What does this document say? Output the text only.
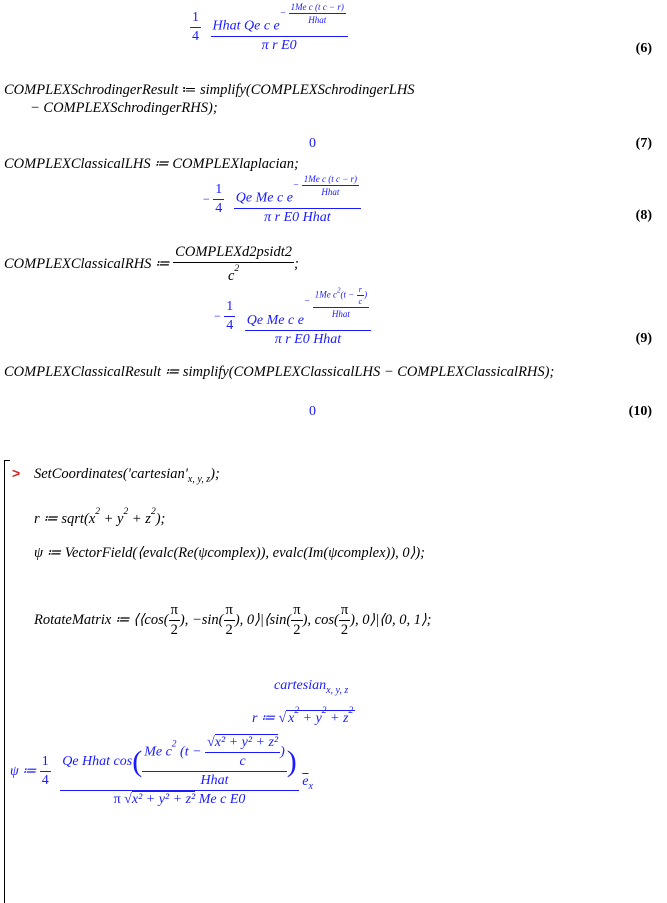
$\frac{1}{4}$
Hhat Qe c $e^{- \frac{\text{1Me c (t c − r)}}{\text{Hhat}}}$
π r E0	(6)
COMPLEXSchrodingerResult ≔ simplify(COMPLEXSchrodingerLHS
− COMPLEXSchrodingerRHS);
0	(7)
COMPLEXClassicalLHS ≔ COMPLEXlaplacian;
− $\frac{1}{4}$
Qe Me c $e^{- \frac{\text{1Me c (t c − r)}}{\text{Hhat}}}$
π r E0 Hhat	(8)
COMPLEXClassicalRHS ≔ $\frac{\text{COMPLEXd2psidt2}}{c^2}$ ;
− $\frac{1}{4}$
Qe Me c $e^{- \frac{1Me c^2(t - \frac{r}{c} )}{\text{Hhat}}}$
π r E0 Hhat	(9)
COMPLEXClassicalResult ≔ simplify(COMPLEXClassicalLHS − COMPLEXClassicalRHS);
0	(10)
> $SetCoordinates('cartesian'_{x, y, z})$;
r ≔ $sqrt(x^2 + y^2 + z^2)$;
ψ ≔ VectorField(⟨evalc(Re(ψcomplex)), evalc(Im(ψcomplex)), 0⟩);
RotateMatrix ≔ ⟨⟨cos( $\frac{\pi}{2}$ ), $-\sin( \frac{\pi}{2}$ ), 0⟩|⟨sin( $\frac{\pi}{2}$ ), $\cos( \frac{\pi}{2}$ ), 0⟩|⟨0, 0, 1⟩;
cartesian$_{x, y, z}$
r ≔ √ $x^2 + y^2 + z^2$
ψ ≔ $\frac{1}{4}$
Qe Hhat cos ( $\frac{Me c^2 (t - \frac{\text{√x² + y² + z²}}{c} )}{\text{Hhat}}$ )
π √x² + y² + z² Me c E0
$\overline{e}_x$
